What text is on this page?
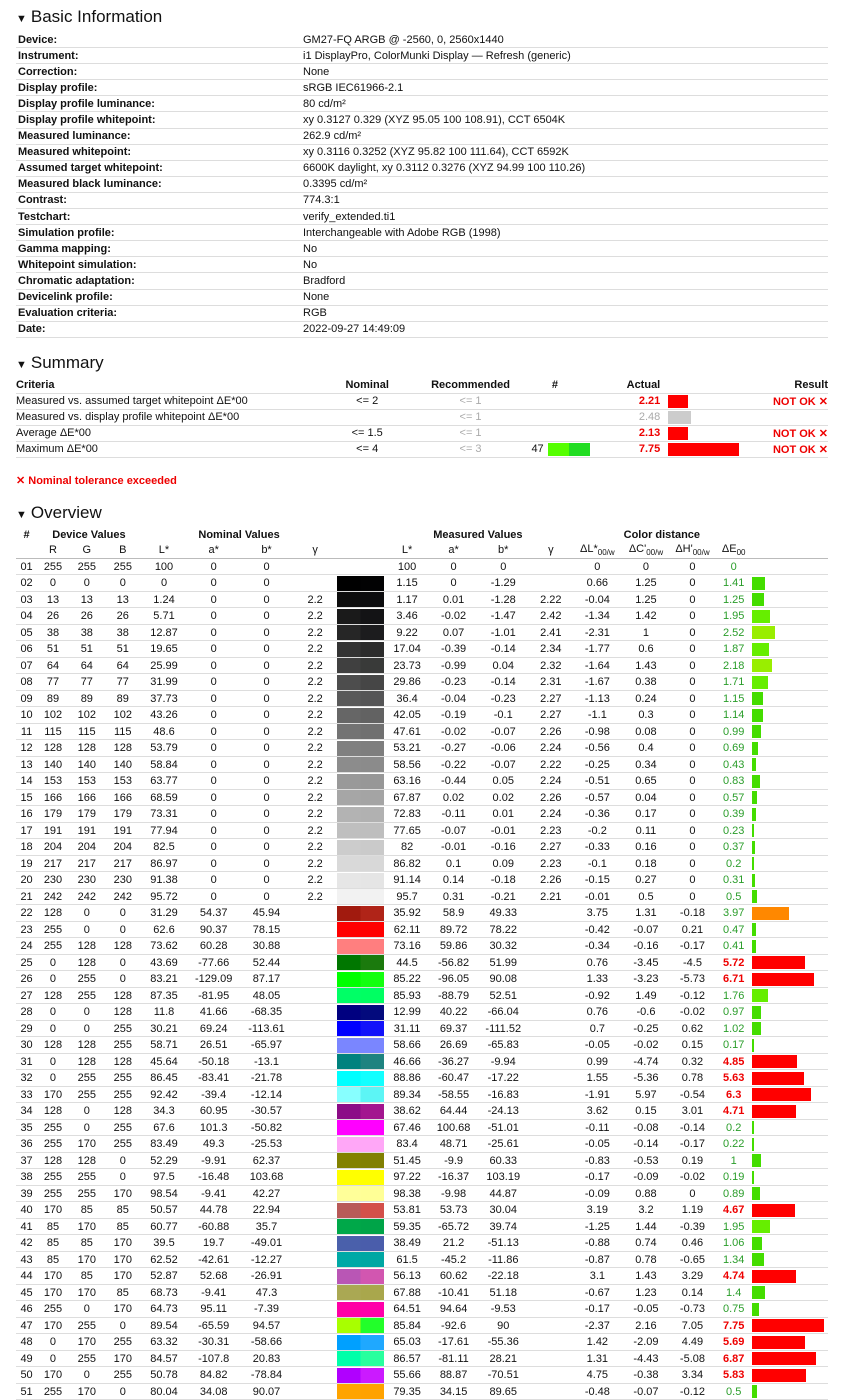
▼ Basic Information
Device:	GM27-FQ ARGB @ -2560, 0, 2560x1440
Instrument:	i1 DisplayPro, ColorMunki Display — Refresh (generic)
Correction:	None
Display profile:	sRGB IEC61966-2.1
Display profile luminance:	80 cd/m²
Display profile whitepoint:	xy 0.3127 0.329 (XYZ 95.05 100 108.91), CCT 6504K
Measured luminance:	262.9 cd/m²
Measured whitepoint:	xy 0.3116 0.3252 (XYZ 95.82 100 111.64), CCT 6592K
Assumed target whitepoint:	6600K daylight, xy 0.3112 0.3276 (XYZ 94.99 100 110.26)
Measured black luminance:	0.3395 cd/m²
Contrast:	774.3:1
Testchart:	verify_extended.ti1
Simulation profile:	Interchangeable with Adobe RGB (1998)
Gamma mapping:	No
Whitepoint simulation:	No
Chromatic adaptation:	Bradford
Devicelink profile:	None
Evaluation criteria:	RGB
Date:	2022-09-27 14:49:09
▼ Summary
Criteria	Nominal	Recommended	#	Actual		Result
Measured vs. assumed target whitepoint ΔE*00	<= 2	<= 1		2.21		NOT OK ✕
Measured vs. display profile whitepoint ΔE*00		<= 1		2.48		
Average ΔE*00	<= 1.5	<= 1		2.13		NOT OK ✕
Maximum ΔE*00	<= 4	<= 3	47	7.75		NOT OK ✕
✕ Nominal tolerance exceeded
▼ Overview
#	Device Values			Nominal Values					Measured Values				Color distance				
	R	G	B	L*	a*	b*	γ		L*	a*	b*	γ	$\Delta L*_{00/w}$	$\Delta C'_{00/w}$	$\Delta H'_{00/w}$	$\Delta E_{00}$	
01	255	255	255	100	0	0			100	0	0		0	0	0	0	

02	0	0	0	0	0	0			1.15	0	-1.29		0.66	1.25	0	1.41	

03	13	13	13	1.24	0	0	2.2		1.17	0.01	-1.28	2.22	-0.04	1.25	0	1.25	

04	26	26	26	5.71	0	0	2.2		3.46	-0.02	-1.47	2.42	-1.34	1.42	0	1.95	

05	38	38	38	12.87	0	0	2.2		9.22	0.07	-1.01	2.41	-2.31	1	0	2.52	

06	51	51	51	19.65	0	0	2.2		17.04	-0.39	-0.14	2.34	-1.77	0.6	0	1.87	

07	64	64	64	25.99	0	0	2.2		23.73	-0.99	0.04	2.32	-1.64	1.43	0	2.18	

08	77	77	77	31.99	0	0	2.2		29.86	-0.23	-0.14	2.31	-1.67	0.38	0	1.71	

09	89	89	89	37.73	0	0	2.2		36.4	-0.04	-0.23	2.27	-1.13	0.24	0	1.15	

10	102	102	102	43.26	0	0	2.2		42.05	-0.19	-0.1	2.27	-1.1	0.3	0	1.14	

11	115	115	115	48.6	0	0	2.2		47.61	-0.02	-0.07	2.26	-0.98	0.08	0	0.99	

12	128	128	128	53.79	0	0	2.2		53.21	-0.27	-0.06	2.24	-0.56	0.4	0	0.69	

13	140	140	140	58.84	0	0	2.2		58.56	-0.22	-0.07	2.22	-0.25	0.34	0	0.43	

14	153	153	153	63.77	0	0	2.2		63.16	-0.44	0.05	2.24	-0.51	0.65	0	0.83	

15	166	166	166	68.59	0	0	2.2		67.87	0.02	0.02	2.26	-0.57	0.04	0	0.57	

16	179	179	179	73.31	0	0	2.2		72.83	-0.11	0.01	2.24	-0.36	0.17	0	0.39	

17	191	191	191	77.94	0	0	2.2		77.65	-0.07	-0.01	2.23	-0.2	0.11	0	0.23	

18	204	204	204	82.5	0	0	2.2		82	-0.01	-0.16	2.27	-0.33	0.16	0	0.37	

19	217	217	217	86.97	0	0	2.2		86.82	0.1	0.09	2.23	-0.1	0.18	0	0.2	

20	230	230	230	91.38	0	0	2.2		91.14	0.14	-0.18	2.26	-0.15	0.27	0	0.31	

21	242	242	242	95.72	0	0	2.2		95.7	0.31	-0.21	2.21	-0.01	0.5	0	0.5	

22	128	0	0	31.29	54.37	45.94			35.92	58.9	49.33		3.75	1.31	-0.18	3.97	

23	255	0	0	62.6	90.37	78.15			62.11	89.72	78.22		-0.42	-0.07	0.21	0.47	

24	255	128	128	73.62	60.28	30.88			73.16	59.86	30.32		-0.34	-0.16	-0.17	0.41	

25	0	128	0	43.69	-77.66	52.44			44.5	-56.82	51.99		0.76	-3.45	-4.5	5.72	

26	0	255	0	83.21	-129.09	87.17			85.22	-96.05	90.08		1.33	-3.23	-5.73	6.71	

27	128	255	128	87.35	-81.95	48.05			85.93	-88.79	52.51		-0.92	1.49	-0.12	1.76	

28	0	0	128	11.8	41.66	-68.35			12.99	40.22	-66.04		0.76	-0.6	-0.02	0.97	

29	0	0	255	30.21	69.24	-113.61			31.11	69.37	-111.52		0.7	-0.25	0.62	1.02	

30	128	128	255	58.71	26.51	-65.97			58.66	26.69	-65.83		-0.05	-0.02	0.15	0.17	

31	0	128	128	45.64	-50.18	-13.1			46.66	-36.27	-9.94		0.99	-4.74	0.32	4.85	

32	0	255	255	86.45	-83.41	-21.78			88.86	-60.47	-17.22		1.55	-5.36	0.78	5.63	

33	170	255	255	92.42	-39.4	-12.14			89.34	-58.55	-16.83		-1.91	5.97	-0.54	6.3	

34	128	0	128	34.3	60.95	-30.57			38.62	64.44	-24.13		3.62	0.15	3.01	4.71	

35	255	0	255	67.6	101.3	-50.82			67.46	100.68	-51.01		-0.11	-0.08	-0.14	0.2	

36	255	170	255	83.49	49.3	-25.53			83.4	48.71	-25.61		-0.05	-0.14	-0.17	0.22	

37	128	128	0	52.29	-9.91	62.37			51.45	-9.9	60.33		-0.83	-0.53	0.19	1	

38	255	255	0	97.5	-16.48	103.68			97.22	-16.37	103.19		-0.17	-0.09	-0.02	0.19	

39	255	255	170	98.54	-9.41	42.27			98.38	-9.98	44.87		-0.09	0.88	0	0.89	

40	170	85	85	50.57	44.78	22.94			53.81	53.73	30.04		3.19	3.2	1.19	4.67	

41	85	170	85	60.77	-60.88	35.7			59.35	-65.72	39.74		-1.25	1.44	-0.39	1.95	

42	85	85	170	39.5	19.7	-49.01			38.49	21.2	-51.13		-0.88	0.74	0.46	1.06	

43	85	170	170	62.52	-42.61	-12.27			61.5	-45.2	-11.86		-0.87	0.78	-0.65	1.34	

44	170	85	170	52.87	52.68	-26.91			56.13	60.62	-22.18		3.1	1.43	3.29	4.74	

45	170	170	85	68.73	-9.41	47.3			67.88	-10.41	51.18		-0.67	1.23	0.14	1.4	

46	255	0	170	64.73	95.11	-7.39			64.51	94.64	-9.53		-0.17	-0.05	-0.73	0.75	

47	170	255	0	89.54	-65.59	94.57			85.84	-92.6	90		-2.37	2.16	7.05	7.75	

48	0	170	255	63.32	-30.31	-58.66			65.03	-17.61	-55.36		1.42	-2.09	4.49	5.69	

49	0	255	170	84.57	-107.8	20.83			86.57	-81.11	28.21		1.31	-4.43	-5.08	6.87	

50	170	0	255	50.78	84.82	-78.84			55.66	88.87	-70.51		4.75	-0.38	3.34	5.83	

51	255	170	0	80.04	34.08	90.07			79.35	34.15	89.65		-0.48	-0.07	-0.12	0.5	
